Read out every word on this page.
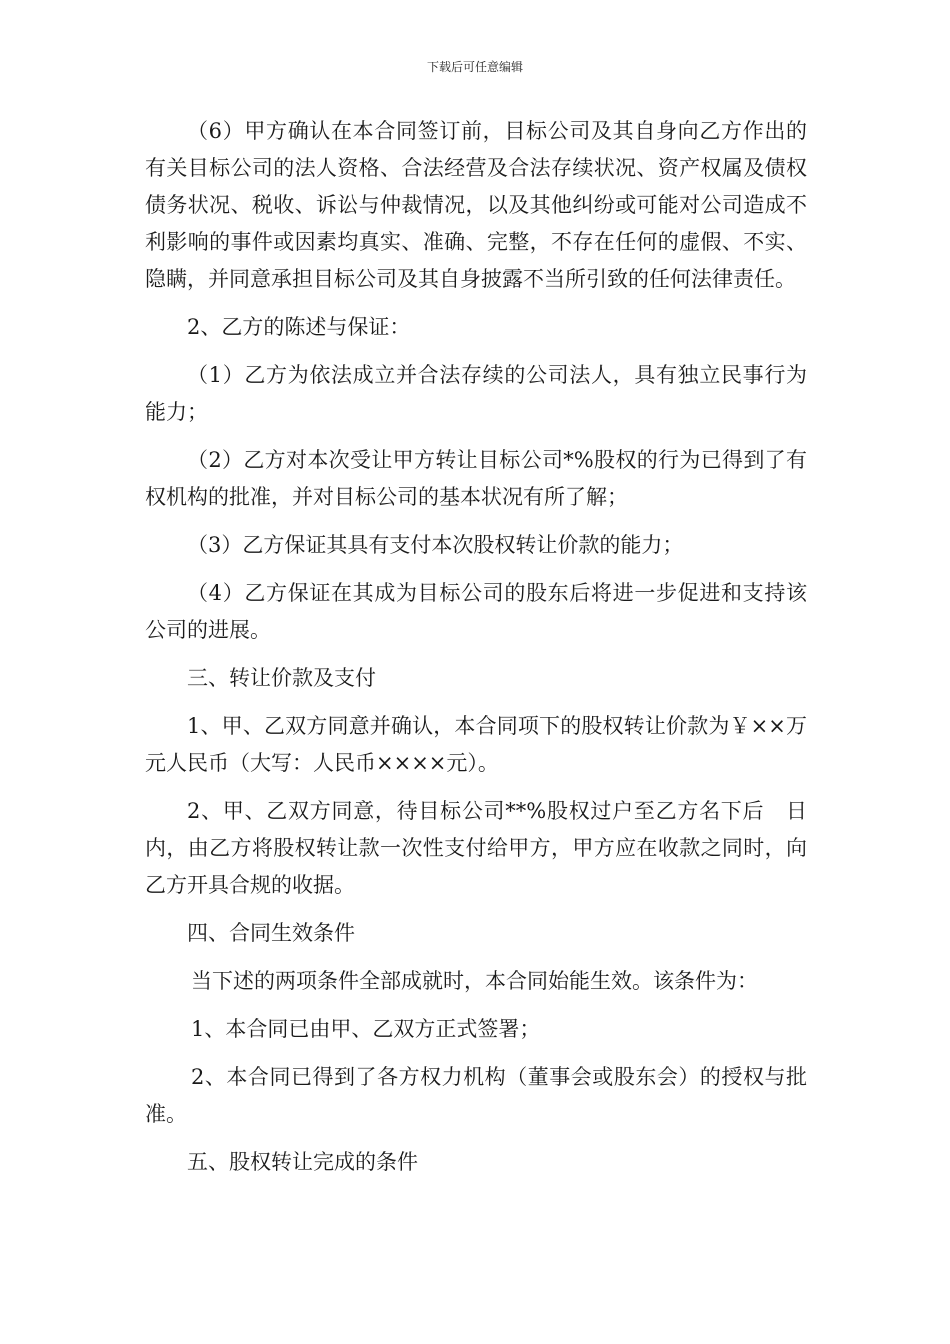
下载后可任意编辑

（6）甲方确认在本合同签订前，目标公司及其自身向乙方作出的有关目标公司的法人资格、合法经营及合法存续状况、资产权属及债权债务状况、税收、诉讼与仲裁情况，以及其他纠纷或可能对公司造成不利影响的事件或因素均真实、准确、完整，不存在任何的虚假、不实、隐瞒，并同意承担目标公司及其自身披露不当所引致的任何法律责任。

2、乙方的陈述与保证：

（1）乙方为依法成立并合法存续的公司法人，具有独立民事行为能力；

（2）乙方对本次受让甲方转让目标公司*%股权的行为已得到了有权机构的批准，并对目标公司的基本状况有所了解；

（3）乙方保证其具有支付本次股权转让价款的能力；

（4）乙方保证在其成为目标公司的股东后将进一步促进和支持该公司的进展。

三、转让价款及支付

1、甲、乙双方同意并确认，本合同项下的股权转让价款为￥××万元人民币（大写：人民币××××元）。

2、甲、乙双方同意，待目标公司**%股权过户至乙方名下后　日内，由乙方将股权转让款一次性支付给甲方，甲方应在收款之同时，向乙方开具合规的收据。

四、合同生效条件

当下述的两项条件全部成就时，本合同始能生效。该条件为：

1、本合同已由甲、乙双方正式签署；

2、本合同已得到了各方权力机构（董事会或股东会）的授权与批准。

五、股权转让完成的条件
